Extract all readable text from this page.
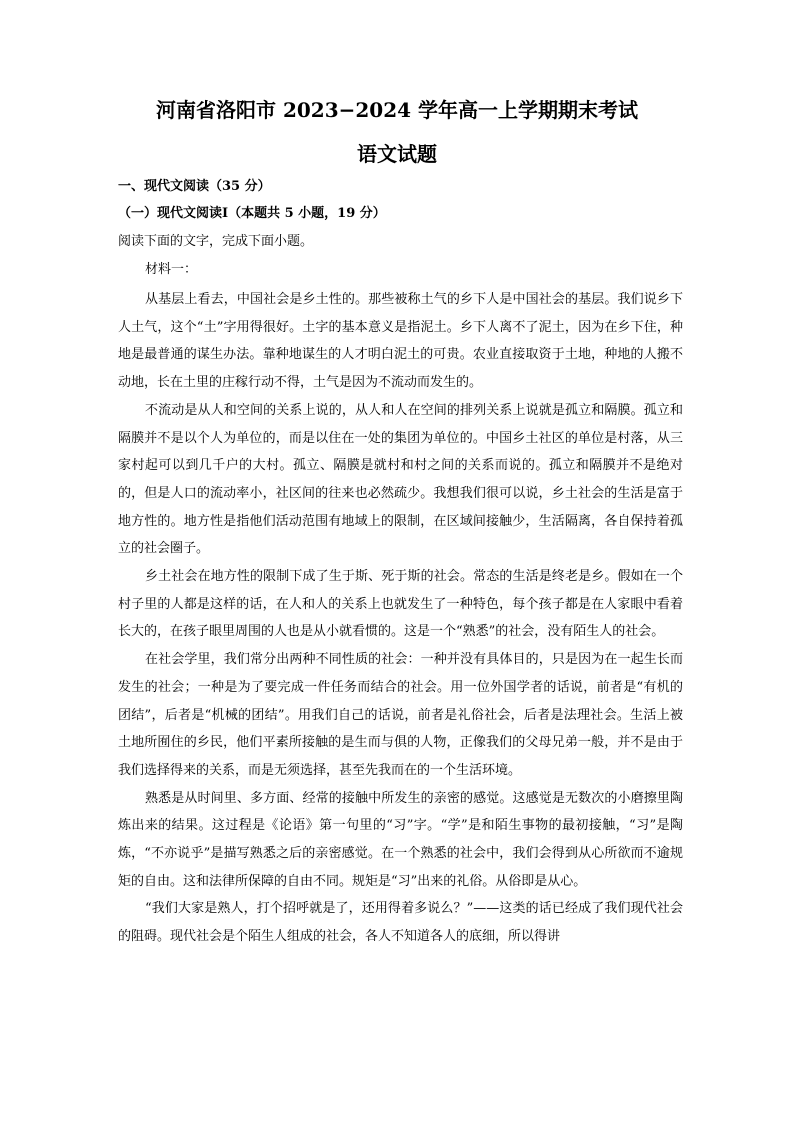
河南省洛阳市 2023−2024 学年高一上学期期末考试
语文试题
一、现代文阅读（35 分）
（一）现代文阅读Ⅰ（本题共 5 小题，19 分）
阅读下面的文字，完成下面小题。
材料一：

从基层上看去，中国社会是乡土性的。那些被称土气的乡下人是中国社会的基层。我们说乡下人土气，这个“土”字用得很好。土字的基本意义是指泥土。乡下人离不了泥土，因为在乡下住，种地是最普通的谋生办法。靠种地谋生的人才明白泥土的可贵。农业直接取资于土地，种地的人搬不动地，长在土里的庄稼行动不得，土气是因为不流动而发生的。

不流动是从人和空间的关系上说的，从人和人在空间的排列关系上说就是孤立和隔膜。孤立和隔膜并不是以个人为单位的，而是以住在一处的集团为单位的。中国乡土社区的单位是村落，从三家村起可以到几千户的大村。孤立、隔膜是就村和村之间的关系而说的。孤立和隔膜并不是绝对的，但是人口的流动率小，社区间的往来也必然疏少。我想我们很可以说，乡土社会的生活是富于地方性的。地方性是指他们活动范围有地域上的限制，在区域间接触少，生活隔离，各自保持着孤立的社会圈子。

乡土社会在地方性的限制下成了生于斯、死于斯的社会。常态的生活是终老是乡。假如在一个村子里的人都是这样的话，在人和人的关系上也就发生了一种特色，每个孩子都是在人家眼中看着长大的，在孩子眼里周围的人也是从小就看惯的。这是一个“熟悉”的社会，没有陌生人的社会。

在社会学里，我们常分出两种不同性质的社会：一种并没有具体目的，只是因为在一起生长而发生的社会；一种是为了要完成一件任务而结合的社会。用一位外国学者的话说，前者是“有机的团结”，后者是“机械的团结”。用我们自己的话说，前者是礼俗社会，后者是法理社会。生活上被土地所囿住的乡民，他们平素所接触的是生而与俱的人物，正像我们的父母兄弟一般，并不是由于我们选择得来的关系，而是无须选择，甚至先我而在的一个生活环境。

熟悉是从时间里、多方面、经常的接触中所发生的亲密的感觉。这感觉是无数次的小磨擦里陶炼出来的结果。这过程是《论语》第一句里的“习”字。“学”是和陌生事物的最初接触，“习”是陶炼，“不亦说乎”是描写熟悉之后的亲密感觉。在一个熟悉的社会中，我们会得到从心所欲而不逾规矩的自由。这和法律所保障的自由不同。规矩是“习”出来的礼俗。从俗即是从心。

“我们大家是熟人，打个招呼就是了，还用得着多说么？”——这类的话已经成了我们现代社会的阻碍。现代社会是个陌生人组成的社会，各人不知道各人的底细，所以得讲
